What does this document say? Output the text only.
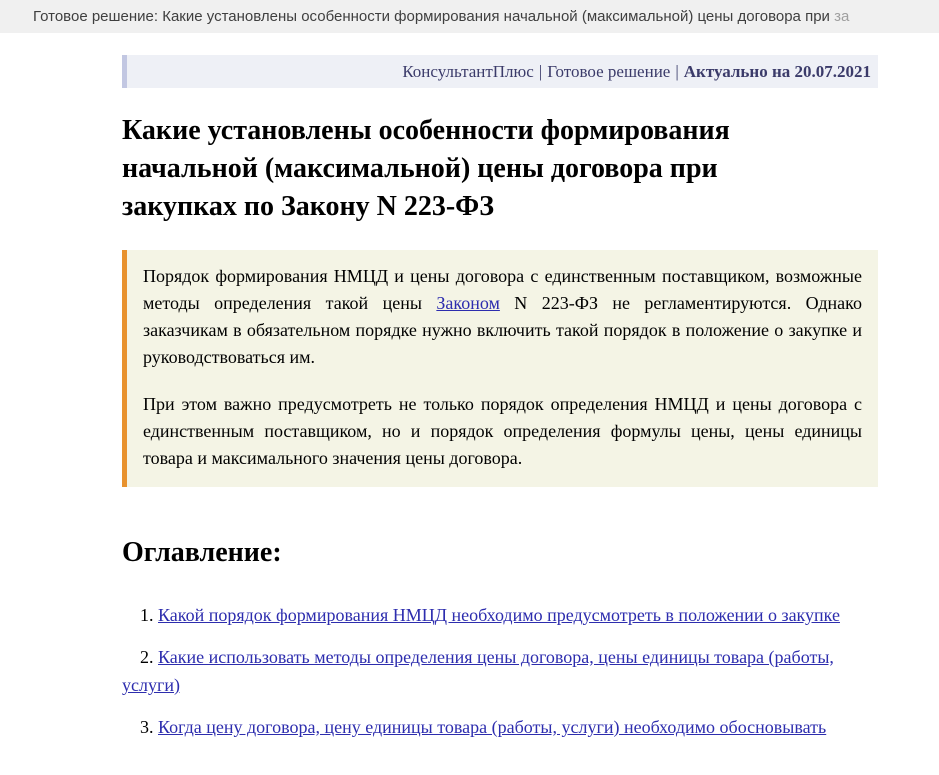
Готовое решение: Какие установлены особенности формирования начальной (максимальной) цены договора при за
КонсультантПлюс | Готовое решение | Актуально на 20.07.2021
Какие установлены особенности формирования начальной (максимальной) цены договора при закупках по Закону N 223-ФЗ

Порядок формирования НМЦД и цены договора с единственным поставщиком, возможные методы определения такой цены Законом N 223-ФЗ не регламентируются. Однако заказчикам в обязательном порядке нужно включить такой порядок в положение о закупке и руководствоваться им.

При этом важно предусмотреть не только порядок определения НМЦД и цены договора с единственным поставщиком, но и порядок определения формулы цены, цены единицы товара и максимального значения цены договора.

Оглавление:

1. Какой порядок формирования НМЦД необходимо предусмотреть в положении о закупке

2. Какие использовать методы определения цены договора, цены единицы товара (работы, услуги)

3. Когда цену договора, цену единицы товара (работы, услуги) необходимо обосновывать
